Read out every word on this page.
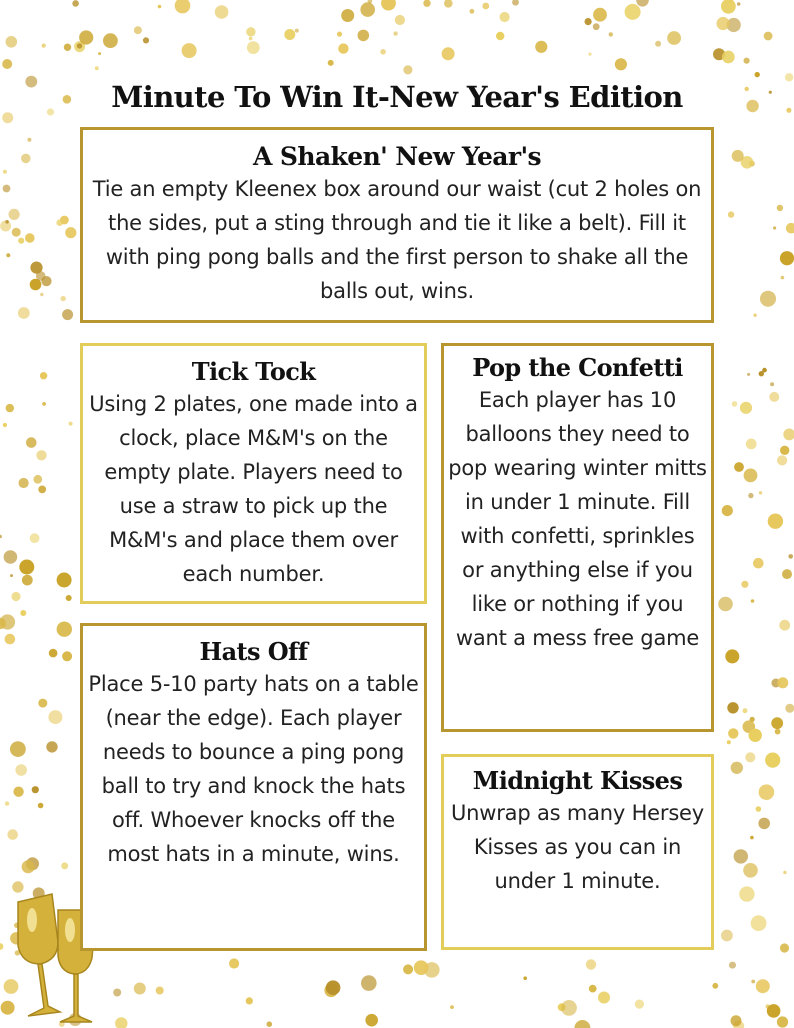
Minute To Win It-New Year's Edition
A Shaken' New Year's

Tie an empty Kleenex box around our waist (cut 2 holes on the sides, put a sting through and tie it like a belt). Fill it with ping pong balls and the first person to shake all the balls out, wins.

Tick Tock

Using 2 plates, one made into a clock, place M&M's on the empty plate. Players need to use a straw to pick up the M&M's and place them over each number.

Pop the Confetti

Each player has 10 balloons they need to pop wearing winter mitts in under 1 minute. Fill with confetti, sprinkles or anything else if you like or nothing if you want a mess free game

Hats Off

Place 5-10 party hats on a table (near the edge). Each player needs to bounce a ping pong ball to try and knock the hats off. Whoever knocks off the most hats in a minute, wins.

Midnight Kisses

Unwrap as many Hersey Kisses as you can in under 1 minute.
